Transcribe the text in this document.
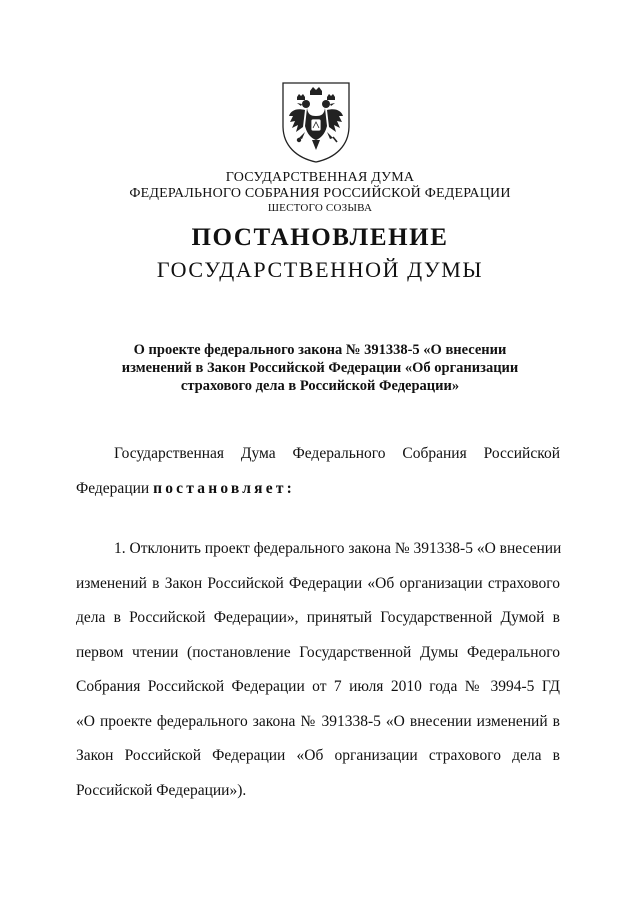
ГОСУДАРСТВЕННАЯ ДУМА
ФЕДЕРАЛЬНОГО СОБРАНИЯ РОССИЙСКОЙ ФЕДЕРАЦИИ
ШЕСТОГО СОЗЫВА
ПОСТАНОВЛЕНИЕ
ГОСУДАРСТВЕННОЙ ДУМЫ
О проекте федерального закона № 391338-5 «О внесении
изменений в Закон Российской Федерации «Об организации
страхового дела в Российской Федерации»
Государственная Дума Федерального Собрания Российской
Федерации постановляет:
1. Отклонить проект федерального закона № 391338-5 «О внесении
изменений в Закон Российской Федерации «Об организации страхового
дела в Российской Федерации», принятый Государственной Думой в
первом чтении (постановление Государственной Думы Федерального
Собрания Российской Федерации от 7 июля 2010 года № 3994-5 ГД
«О проекте федерального закона № 391338-5 «О внесении изменений в
Закон Российской Федерации «Об организации страхового дела в
Российской Федерации»).
